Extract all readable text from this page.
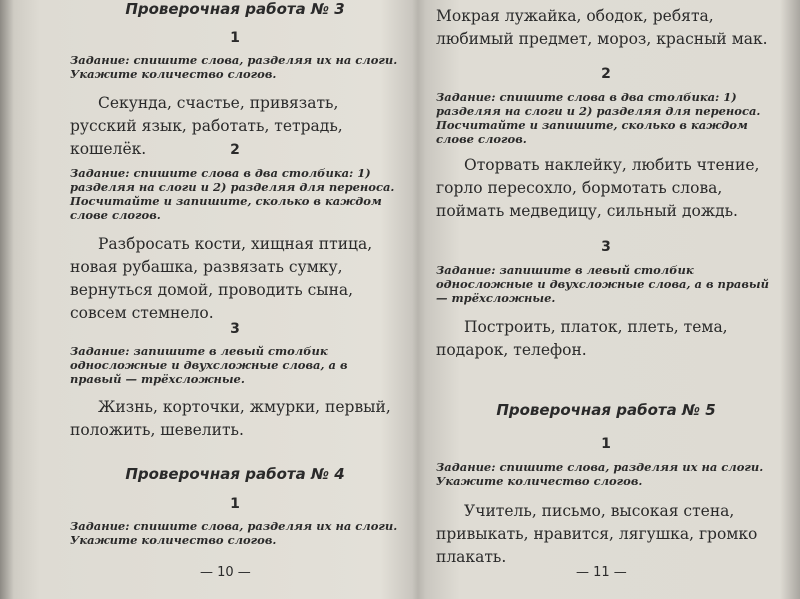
Проверочная работа № 3
1
Задание: спишите слова, разделяя их на слоги. Укажите количество слогов.
Секунда, счастье, привязать, русский язык, работать, тетрадь, кошелёк.	2
Задание: спишите слова в два столбика: 1) разделяя на слоги и 2) разделяя для переноса. Посчитайте и запишите, сколько в каждом слове слогов.
Разбросать кости, хищная птица, новая рубашка, развязать сумку, вернуться домой, проводить сына, совсем стемнело.
3
Задание: запишите в левый столбик односложные и двухсложные слова, а в правый — трёхсложные.
Жизнь, корточки, жмурки, первый, положить, шевелить.
Проверочная работа № 4
1
Задание: спишите слова, разделяя их на слоги. Укажите количество слогов.
— 10 —
Мокрая лужайка, ободок, ребята, любимый предмет, мороз, красный мак.
2
Задание: спишите слова в два столбика: 1) разделяя на слоги и 2) разделяя для переноса. Посчитайте и запишите, сколько в каждом слове слогов.
Оторвать наклейку, любить чтение, горло пересохло, бормотать слова, поймать медведицу, сильный дождь.
3
Задание: запишите в левый столбик односложные и двухсложные слова, а в правый — трёхсложные.
Построить, платок, плеть, тема, подарок, телефон.
Проверочная работа № 5
1
Задание: спишите слова, разделяя их на слоги. Укажите количество слогов.
Учитель, письмо, высокая стена, привыкать, нравится, лягушка, громко плакать.
— 11 —
